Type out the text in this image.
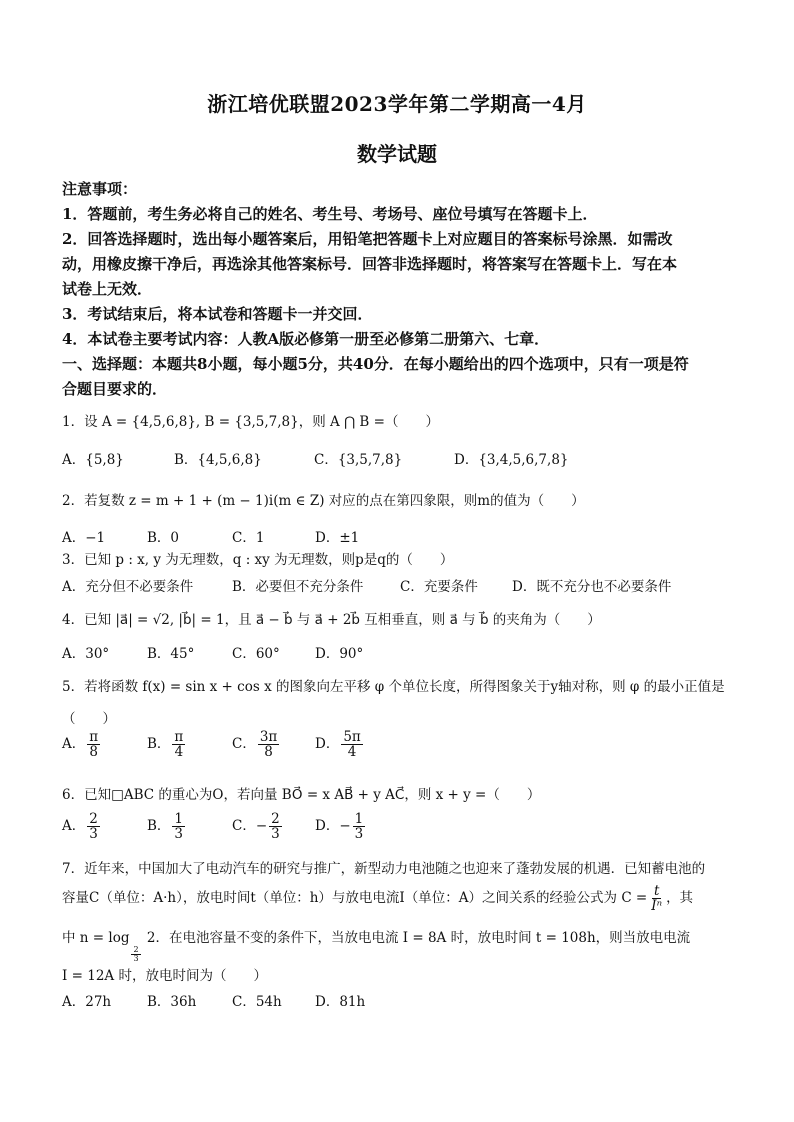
浙江培优联盟2023学年第二学期高一4月
数学试题
注意事项：
1．答题前，考生务必将自己的姓名、考生号、考场号、座位号填写在答题卡上．
2．回答选择题时，选出每小题答案后，用铅笔把答题卡上对应题目的答案标号涂黑．如需改
动，用橡皮擦干净后，再选涂其他答案标号．回答非选择题时，将答案写在答题卡上．写在本
试卷上无效．
3．考试结束后，将本试卷和答题卡一并交回．
4．本试卷主要考试内容：人教A版必修第一册至必修第二册第六、七章．
一、选择题：本题共8小题，每小题5分，共40分．在每小题给出的四个选项中，只有一项是符
合题目要求的．
1．设 A = {4,5,6,8}, B = {3,5,7,8}，则 A ⋂ B =（　　）
A．{5,8}	B．{4,5,6,8}	C．{3,5,7,8}	D．{3,4,5,6,7,8}
2．若复数 z = m + 1 + (m − 1)i(m ∈ Z) 对应的点在第四象限，则m的值为（　　）
A．−1	B．0	C．1	D．±1
3．已知 p : x, y 为无理数，q : xy 为无理数，则p是q的（　　）
A．充分但不必要条件	B．必要但不充分条件	C．充要条件	D．既不充分也不必要条件
4．已知 |a⃗| = √2, |b⃗| = 1，且 a⃗ − b⃗ 与 a⃗ + 2b⃗ 互相垂直，则 a⃗ 与 b⃗ 的夹角为（　　）
A．30°	B．45°	C．60°	D．90°
5．若将函数 f(x) = sin x + cos x 的图象向左平移 φ 个单位长度，所得图象关于y轴对称，则 φ 的最小正值是
（　　）
A． $\frac{\pi}{8}$	B． $\frac{\pi}{4}$	C． $\frac{3\pi}{8}$	D． $\frac{5\pi}{4}$
6．已知□ABC 的重心为O，若向量 BO⃗ = x AB⃗ + y AC⃗，则 x + y =（　　）
A． $\frac{2}{3}$	B． $\frac{1}{3}$	C．− $\frac{2}{3}$ D．− $\frac{1}{3}$
7．近年来，中国加大了电动汽车的研究与推广，新型动力电池随之也迎来了蓬勃发展的机遇．已知蓄电池的
容量C（单位：A·h），放电时间t（单位：h）与放电电流I（单位：A）之间关系的经验公式为 $C = \frac{t}{\text{Iⁿ}}$ ，其
中 n = log
$\frac{2}{3}$
2．在电池容量不变的条件下，当放电电流 I = 8A 时，放电时间 t = 108h，则当放电电流
I = 12A 时，放电时间为（　　）
A．27h	B．36h	C．54h D．81h
